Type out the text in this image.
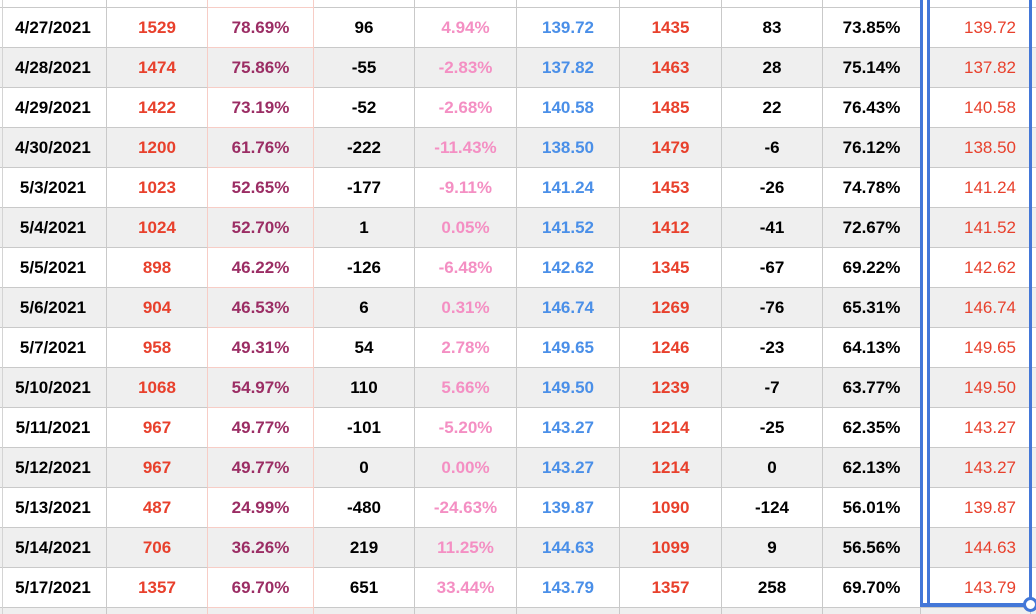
4/27/2021	1529	78.69%	96	4.94%	139.72	1435	83	73.85%	139.72
4/28/2021	1474	75.86%	-55	-2.83%	137.82	1463	28	75.14%	137.82
4/29/2021	1422	73.19%	-52	-2.68%	140.58	1485	22	76.43%	140.58
4/30/2021	1200	61.76%	-222	-11.43%	138.50	1479	-6	76.12%	138.50
5/3/2021	1023	52.65%	-177	-9.11%	141.24	1453	-26	74.78%	141.24
5/4/2021	1024	52.70%	1	0.05%	141.52	1412	-41	72.67%	141.52
5/5/2021	898	46.22%	-126	-6.48%	142.62	1345	-67	69.22%	142.62
5/6/2021	904	46.53%	6	0.31%	146.74	1269	-76	65.31%	146.74
5/7/2021	958	49.31%	54	2.78%	149.65	1246	-23	64.13%	149.65
5/10/2021	1068	54.97%	110	5.66%	149.50	1239	-7	63.77%	149.50
5/11/2021	967	49.77%	-101	-5.20%	143.27	1214	-25	62.35%	143.27
5/12/2021	967	49.77%	0	0.00%	143.27	1214	0	62.13%	143.27
5/13/2021	487	24.99%	-480	-24.63%	139.87	1090	-124	56.01%	139.87
5/14/2021	706	36.26%	219	11.25%	144.63	1099	9	56.56%	144.63
5/17/2021	1357	69.70%	651	33.44%	143.79	1357	258	69.70%	143.79
